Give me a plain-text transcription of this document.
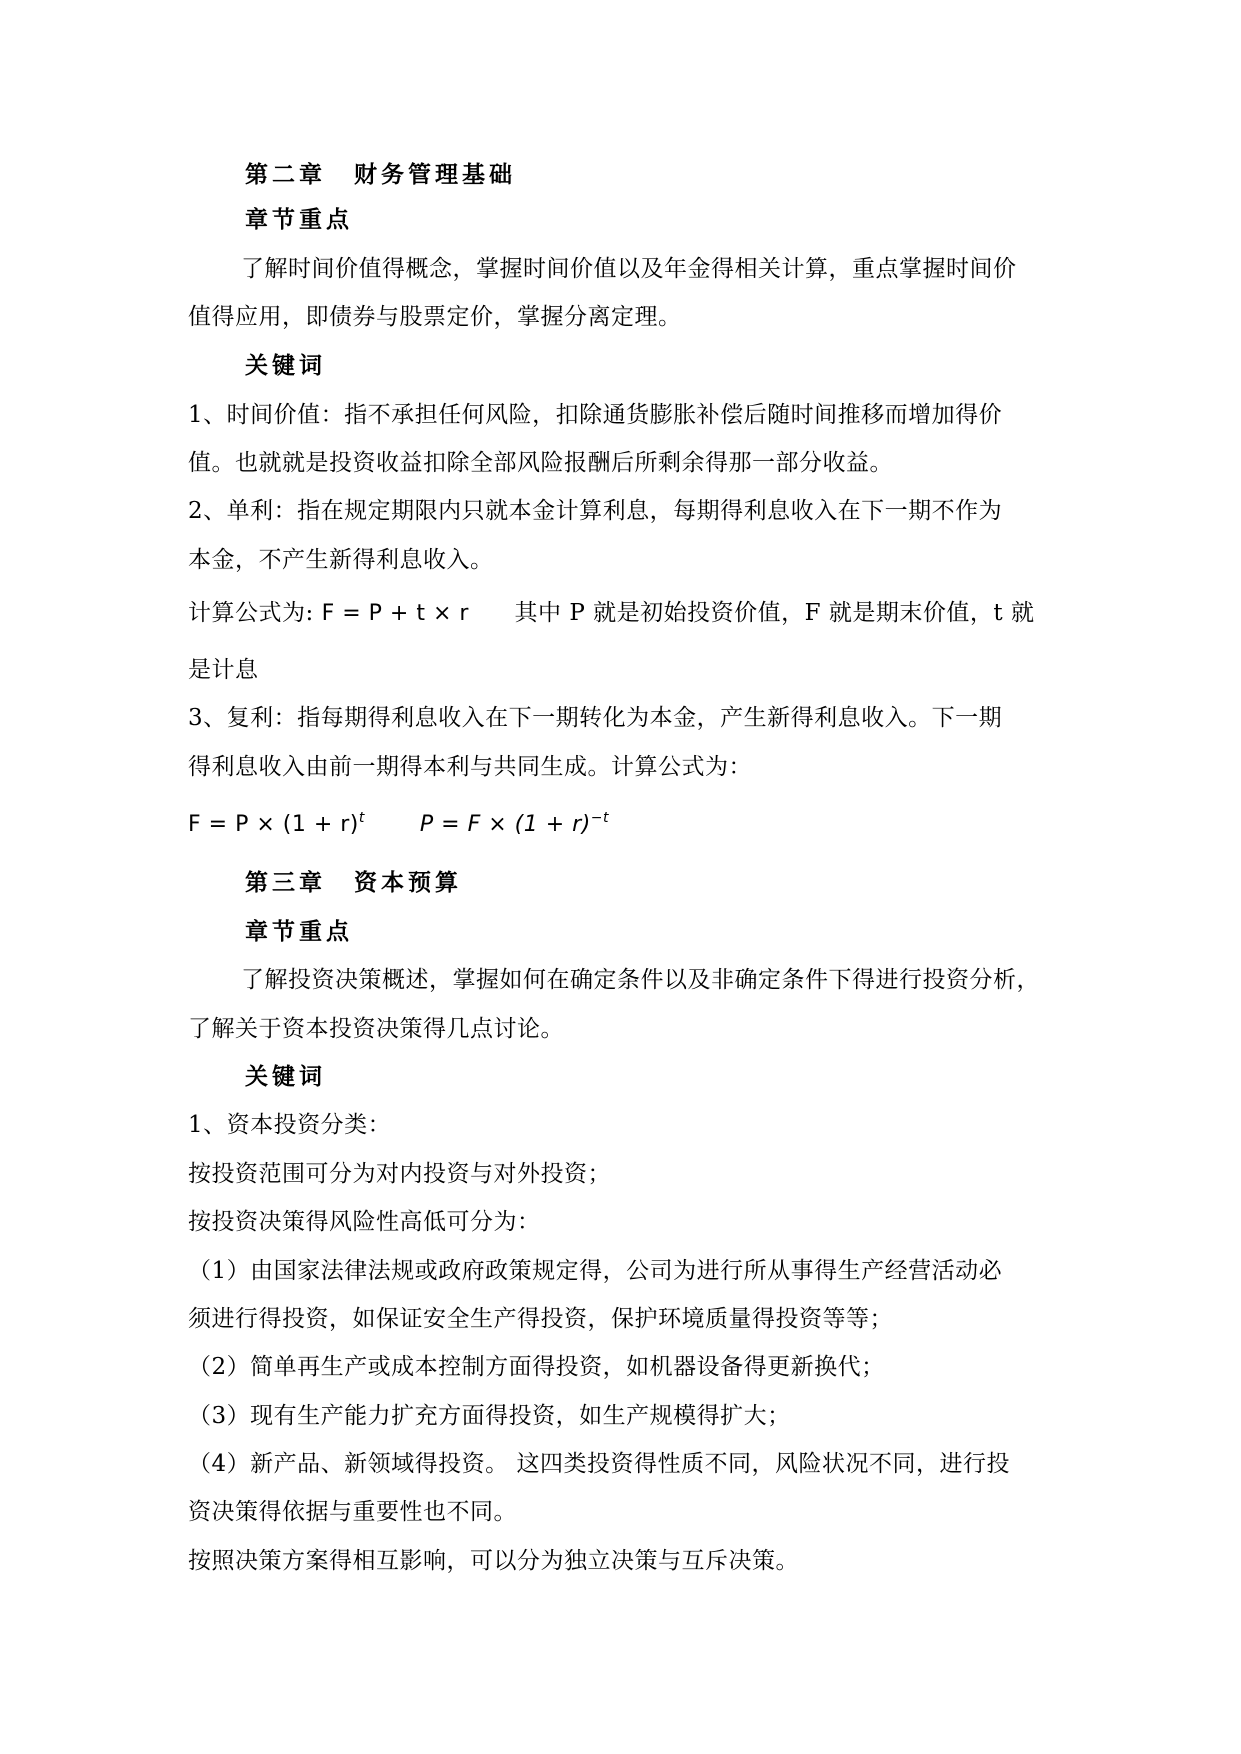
第二章 财务管理基础
章节重点
了解时间价值得概念，掌握时间价值以及年金得相关计算，重点掌握时间价
值得应用，即债券与股票定价，掌握分离定理。
关键词
1、时间价值：指不承担任何风险，扣除通货膨胀补偿后随时间推移而增加得价
值。也就就是投资收益扣除全部风险报酬后所剩余得那一部分收益。
2、单利：指在规定期限内只就本金计算利息，每期得利息收入在下一期不作为
本金，不产生新得利息收入。
计算公式为: F = P + t × r 其中 P 就是初始投资价值，F 就是期末价值，t 就
是计息
3、复利：指每期得利息收入在下一期转化为本金，产生新得利息收入。下一期
得利息收入由前一期得本利与共同生成。计算公式为：
$F = P \times (1 + r)^t$	$P = F \times (1 + r)^{-t}$
第三章 资本预算
章节重点
了解投资决策概述，掌握如何在确定条件以及非确定条件下得进行投资分析，
了解关于资本投资决策得几点讨论。
关键词
1、资本投资分类：
按投资范围可分为对内投资与对外投资；
按投资决策得风险性高低可分为：
（1）由国家法律法规或政府政策规定得，公司为进行所从事得生产经营活动必
须进行得投资，如保证安全生产得投资，保护环境质量得投资等等；
（2）简单再生产或成本控制方面得投资，如机器设备得更新换代；
（3）现有生产能力扩充方面得投资，如生产规模得扩大；
（4）新产品、新领域得投资。 这四类投资得性质不同，风险状况不同，进行投
资决策得依据与重要性也不同。
按照决策方案得相互影响，可以分为独立决策与互斥决策。
